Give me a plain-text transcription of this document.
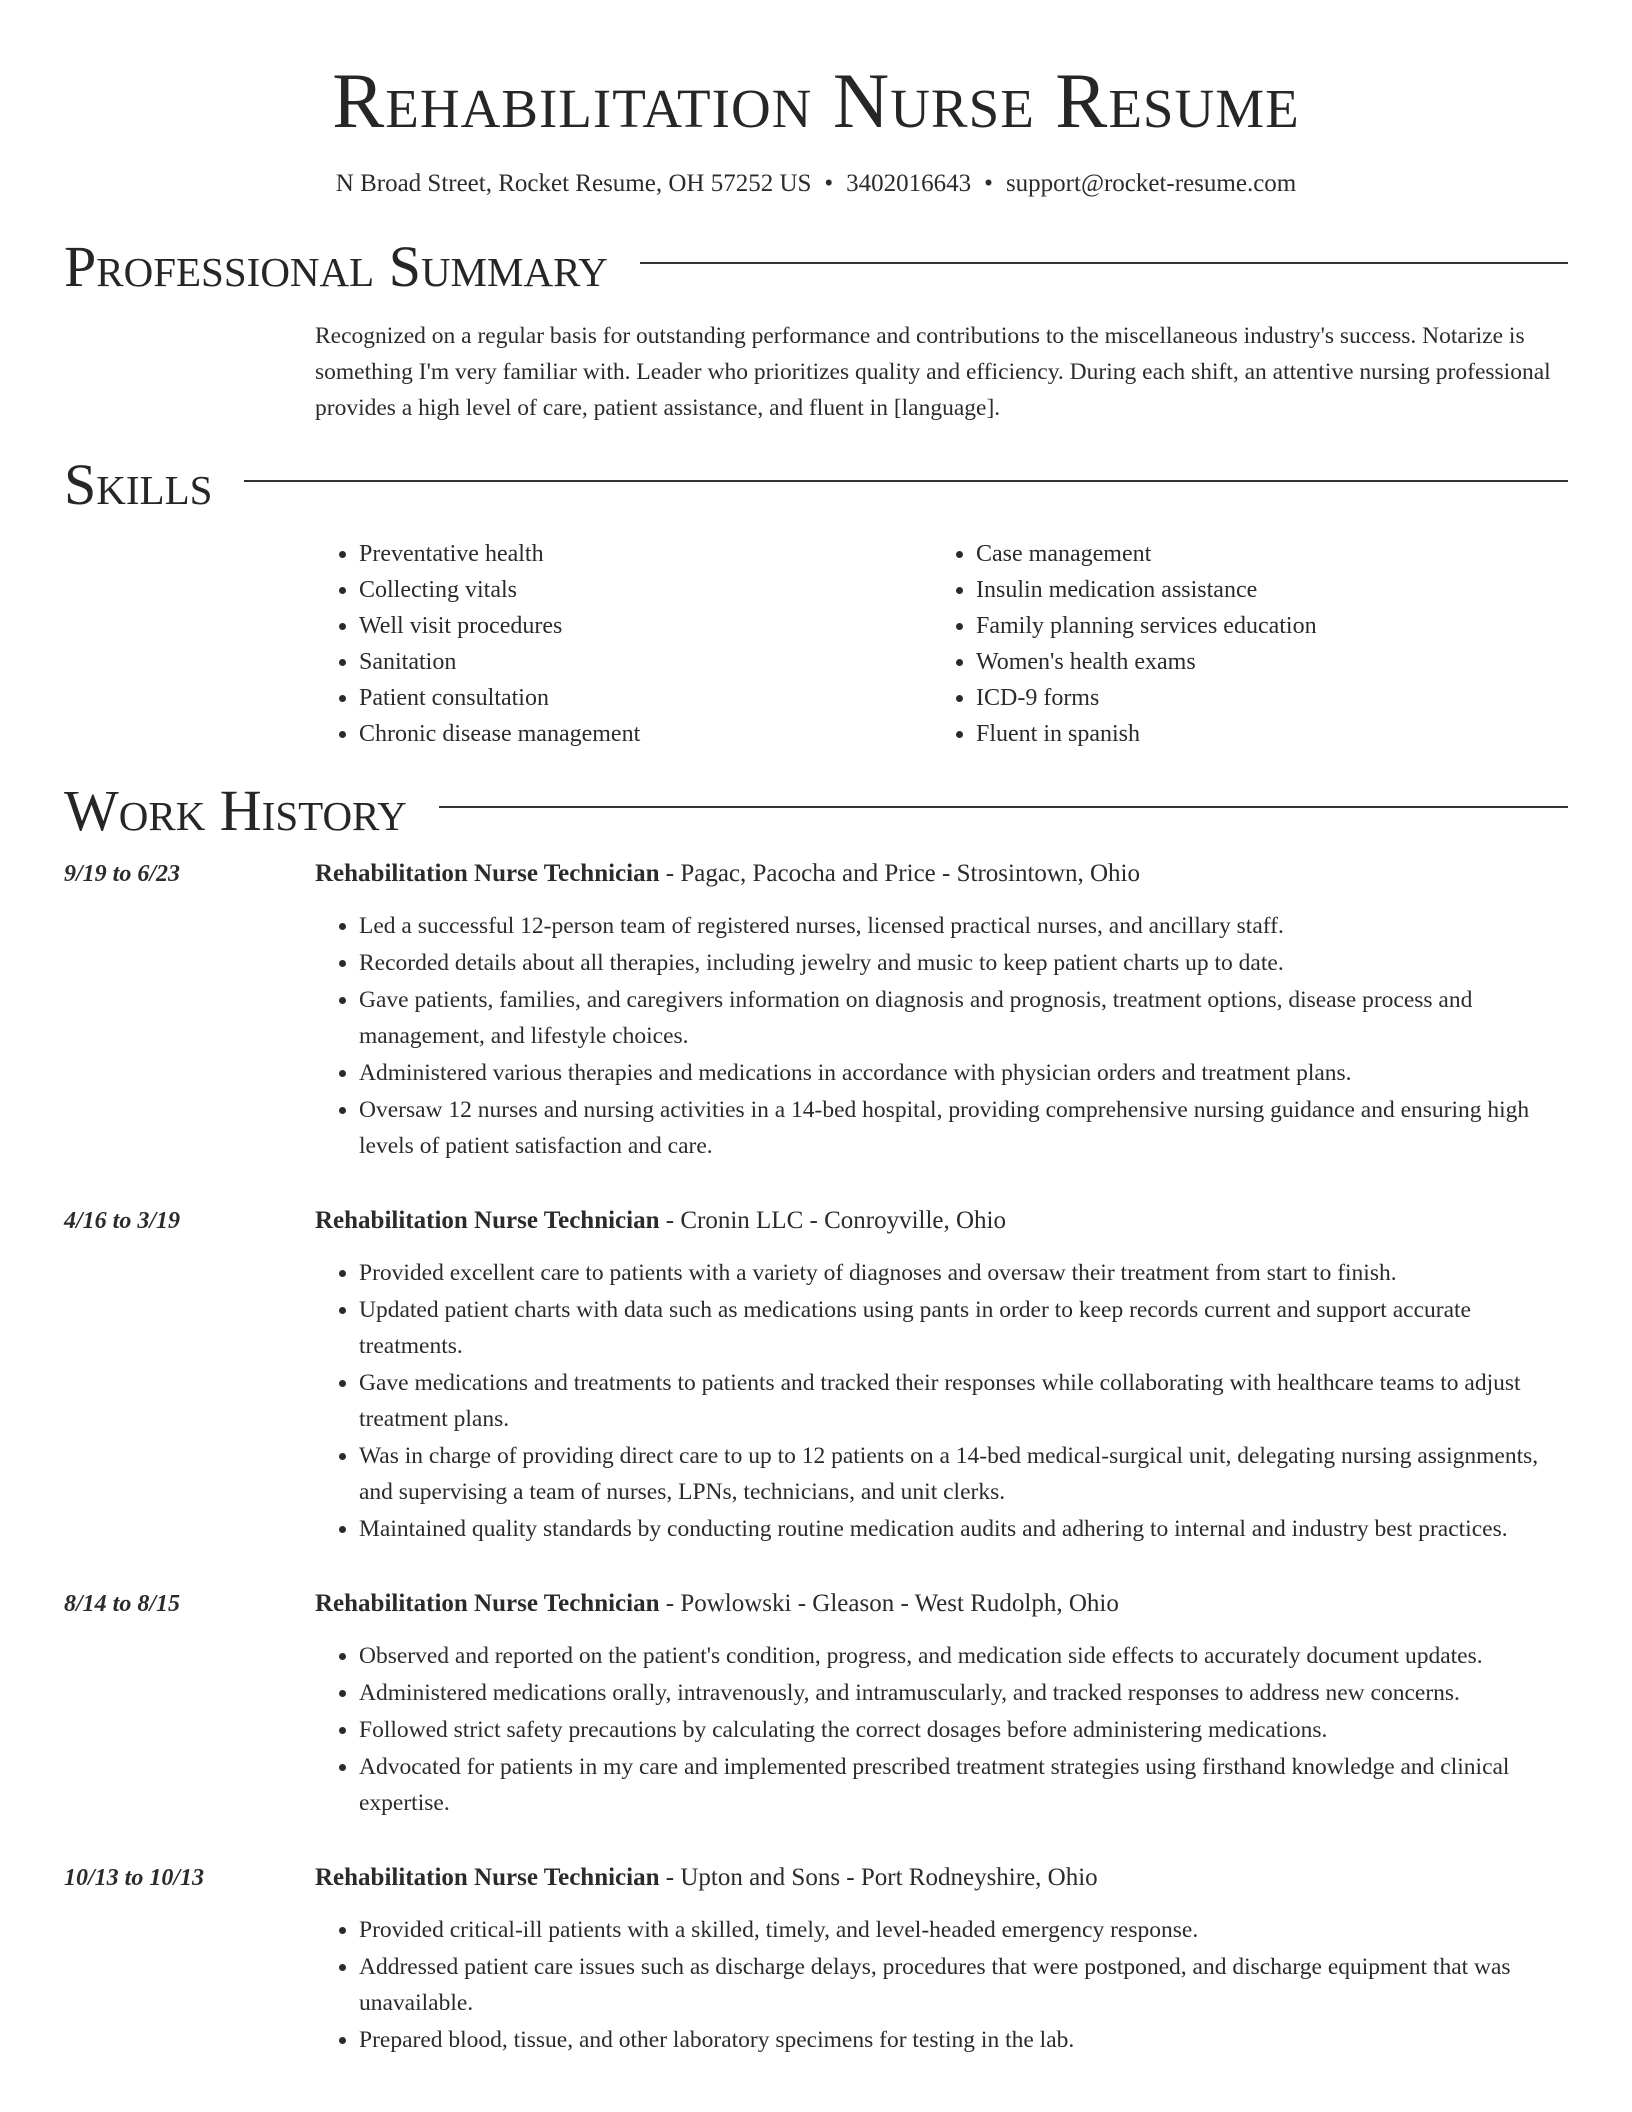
Rehabilitation Nurse Resume
N Broad Street, Rocket Resume, OH 57252 US • 3402016643 • support@rocket-resume.com
Professional Summary
Recognized on a regular basis for outstanding performance and contributions to the miscellaneous industry's success. Notarize is something I'm very familiar with. Leader who prioritizes quality and efficiency. During each shift, an attentive nursing professional provides a high level of care, patient assistance, and fluent in [language].
Skills
• Preventative health
• Collecting vitals
• Well visit procedures
• Sanitation
• Patient consultation
• Chronic disease management
• Case management
• Insulin medication assistance
• Family planning services education
• Women's health exams
• ICD-9 forms
• Fluent in spanish
Work History
9/19 to 6/23	Rehabilitation Nurse Technician - Pagac, Pacocha and Price - Strosintown, Ohio
• Led a successful 12-person team of registered nurses, licensed practical nurses, and ancillary staff.
• Recorded details about all therapies, including jewelry and music to keep patient charts up to date.
• Gave patients, families, and caregivers information on diagnosis and prognosis, treatment options, disease process and management, and lifestyle choices.
• Administered various therapies and medications in accordance with physician orders and treatment plans.
• Oversaw 12 nurses and nursing activities in a 14-bed hospital, providing comprehensive nursing guidance and ensuring high levels of patient satisfaction and care.
4/16 to 3/19	Rehabilitation Nurse Technician - Cronin LLC - Conroyville, Ohio
• Provided excellent care to patients with a variety of diagnoses and oversaw their treatment from start to finish.
• Updated patient charts with data such as medications using pants in order to keep records current and support accurate treatments.
• Gave medications and treatments to patients and tracked their responses while collaborating with healthcare teams to adjust treatment plans.
• Was in charge of providing direct care to up to 12 patients on a 14-bed medical-surgical unit, delegating nursing assignments, and supervising a team of nurses, LPNs, technicians, and unit clerks.
• Maintained quality standards by conducting routine medication audits and adhering to internal and industry best practices.
8/14 to 8/15	Rehabilitation Nurse Technician - Powlowski - Gleason - West Rudolph, Ohio
• Observed and reported on the patient's condition, progress, and medication side effects to accurately document updates.
• Administered medications orally, intravenously, and intramuscularly, and tracked responses to address new concerns.
• Followed strict safety precautions by calculating the correct dosages before administering medications.
• Advocated for patients in my care and implemented prescribed treatment strategies using firsthand knowledge and clinical expertise.
10/13 to 10/13	Rehabilitation Nurse Technician - Upton and Sons - Port Rodneyshire, Ohio
• Provided critical-ill patients with a skilled, timely, and level-headed emergency response.
• Addressed patient care issues such as discharge delays, procedures that were postponed, and discharge equipment that was unavailable.
• Prepared blood, tissue, and other laboratory specimens for testing in the lab.
